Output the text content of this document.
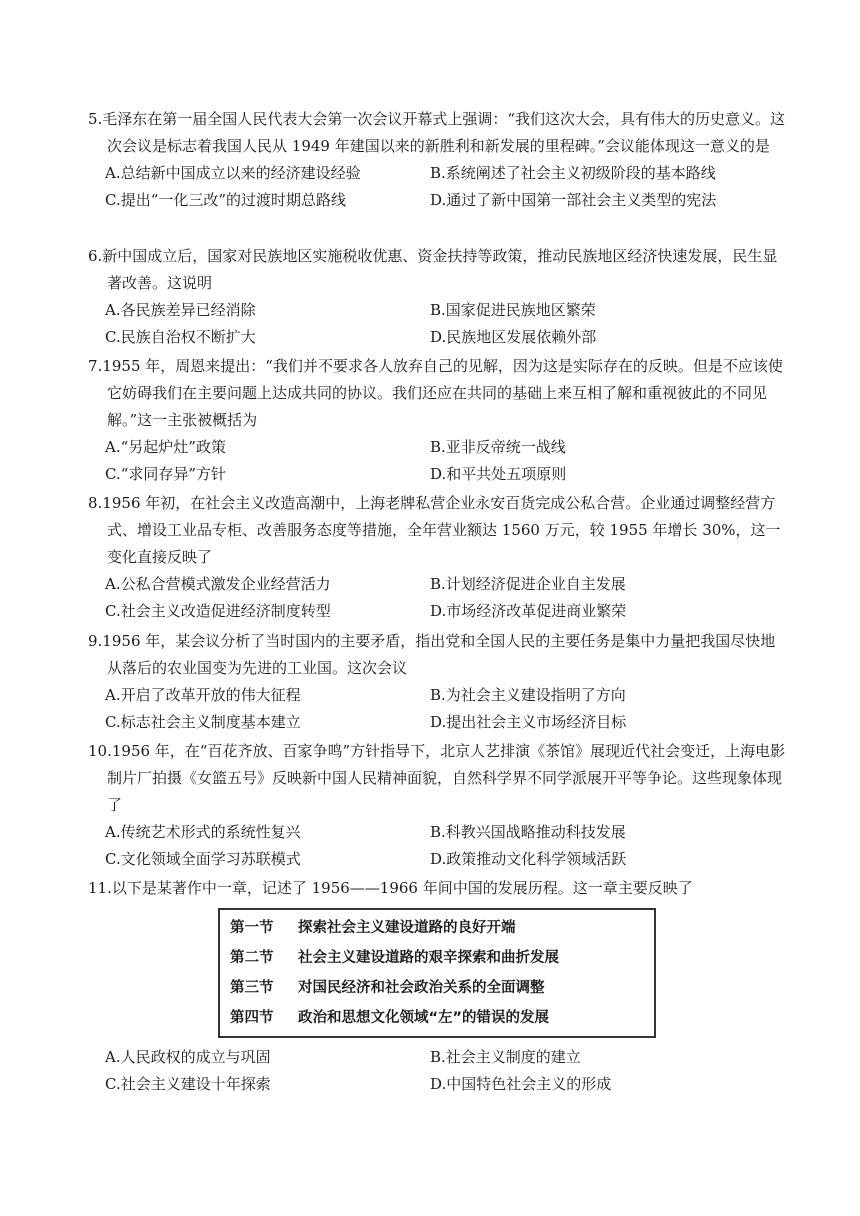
5.毛泽东在第一届全国人民代表大会第一次会议开幕式上强调：“我们这次大会，具有伟大的历史意义。这次会议是标志着我国人民从 1949 年建国以来的新胜利和新发展的里程碑。”会议能体现这一意义的是

A.总结新中国成立以来的经济建设经验	B.系统阐述了社会主义初级阶段的基本路线
C.提出“一化三改”的过渡时期总路线	D.通过了新中国第一部社会主义类型的宪法

6.新中国成立后，国家对民族地区实施税收优惠、资金扶持等政策，推动民族地区经济快速发展，民生显著改善。这说明

A.各民族差异已经消除	B.国家促进民族地区繁荣
C.民族自治权不断扩大	D.民族地区发展依赖外部

7.1955 年，周恩来提出：“我们并不要求各人放弃自己的见解，因为这是实际存在的反映。但是不应该使它妨碍我们在主要问题上达成共同的协议。我们还应在共同的基础上来互相了解和重视彼此的不同见解。”这一主张被概括为

A.“另起炉灶”政策	B.亚非反帝统一战线
C.“求同存异”方针	D.和平共处五项原则

8.1956 年初，在社会主义改造高潮中，上海老牌私营企业永安百货完成公私合营。企业通过调整经营方式、增设工业品专柜、改善服务态度等措施，全年营业额达 1560 万元，较 1955 年增长 30%，这一变化直接反映了

A.公私合营模式激发企业经营活力	B.计划经济促进企业自主发展
C.社会主义改造促进经济制度转型	D.市场经济改革促进商业繁荣

9.1956 年，某会议分析了当时国内的主要矛盾，指出党和全国人民的主要任务是集中力量把我国尽快地从落后的农业国变为先进的工业国。这次会议

A.开启了改革开放的伟大征程	B.为社会主义建设指明了方向
C.标志社会主义制度基本建立	D.提出社会主义市场经济目标

10.1956 年，在“百花齐放、百家争鸣”方针指导下，北京人艺排演《茶馆》展现近代社会变迁，上海电影制片厂拍摄《女篮五号》反映新中国人民精神面貌，自然科学界不同学派展开平等争论。这些现象体现了

A.传统艺术形式的系统性复兴	B.科教兴国战略推动科技发展
C.文化领域全面学习苏联模式	D.政策推动文化科学领域活跃

11.以下是某著作中一章，记述了 1956——1966 年间中国的发展历程。这一章主要反映了

第一节	探索社会主义建设道路的良好开端
第二节	社会主义建设道路的艰辛探索和曲折发展
第三节	对国民经济和社会政治关系的全面调整
第四节	政治和思想文化领域“左”的错误的发展
A.人民政权的成立与巩固	B.社会主义制度的建立
C.社会主义建设十年探索	D.中国特色社会主义的形成
